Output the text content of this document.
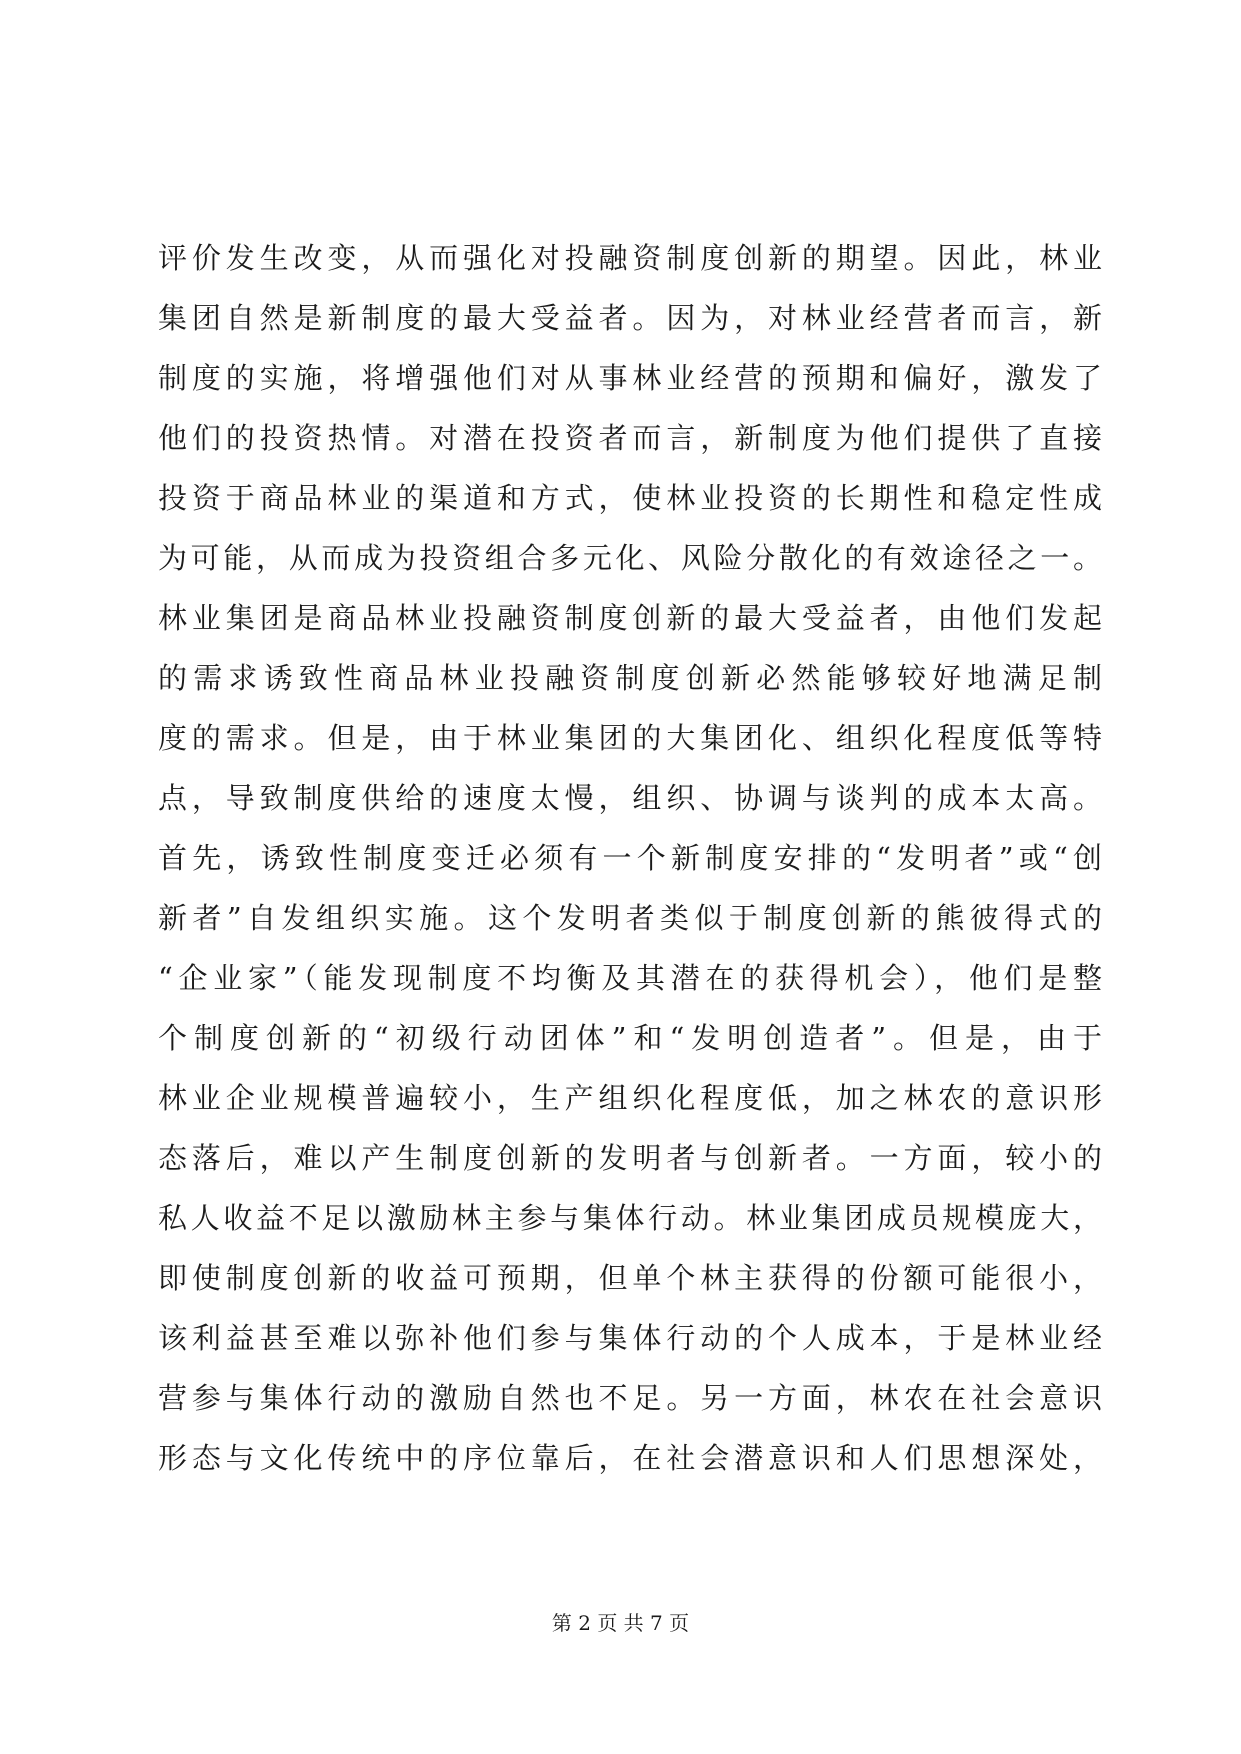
评价发生改变，从而强化对投融资制度创新的期望。因此，林业
集团自然是新制度的最大受益者。因为，对林业经营者而言，新
制度的实施，将增强他们对从事林业经营的预期和偏好，激发了
他们的投资热情。对潜在投资者而言，新制度为他们提供了直接
投资于商品林业的渠道和方式，使林业投资的长期性和稳定性成
为可能，从而成为投资组合多元化、风险分散化的有效途径之一。
林业集团是商品林业投融资制度创新的最大受益者，由他们发起
的需求诱致性商品林业投融资制度创新必然能够较好地满足制
度的需求。但是，由于林业集团的大集团化、组织化程度低等特
点，导致制度供给的速度太慢，组织、协调与谈判的成本太高。
首先，诱致性制度变迁必须有一个新制度安排的“发明者”或“创
新者”自发组织实施。这个发明者类似于制度创新的熊彼得式的
“企业家”（能发现制度不均衡及其潜在的获得机会），他们是整
个制度创新的“初级行动团体”和“发明创造者”。但是，由于
林业企业规模普遍较小，生产组织化程度低，加之林农的意识形
态落后，难以产生制度创新的发明者与创新者。一方面，较小的
私人收益不足以激励林主参与集体行动。林业集团成员规模庞大，
即使制度创新的收益可预期，但单个林主获得的份额可能很小，
该利益甚至难以弥补他们参与集体行动的个人成本，于是林业经
营参与集体行动的激励自然也不足。另一方面，林农在社会意识
形态与文化传统中的序位靠后，在社会潜意识和人们思想深处，
第 2 页 共 7 页
